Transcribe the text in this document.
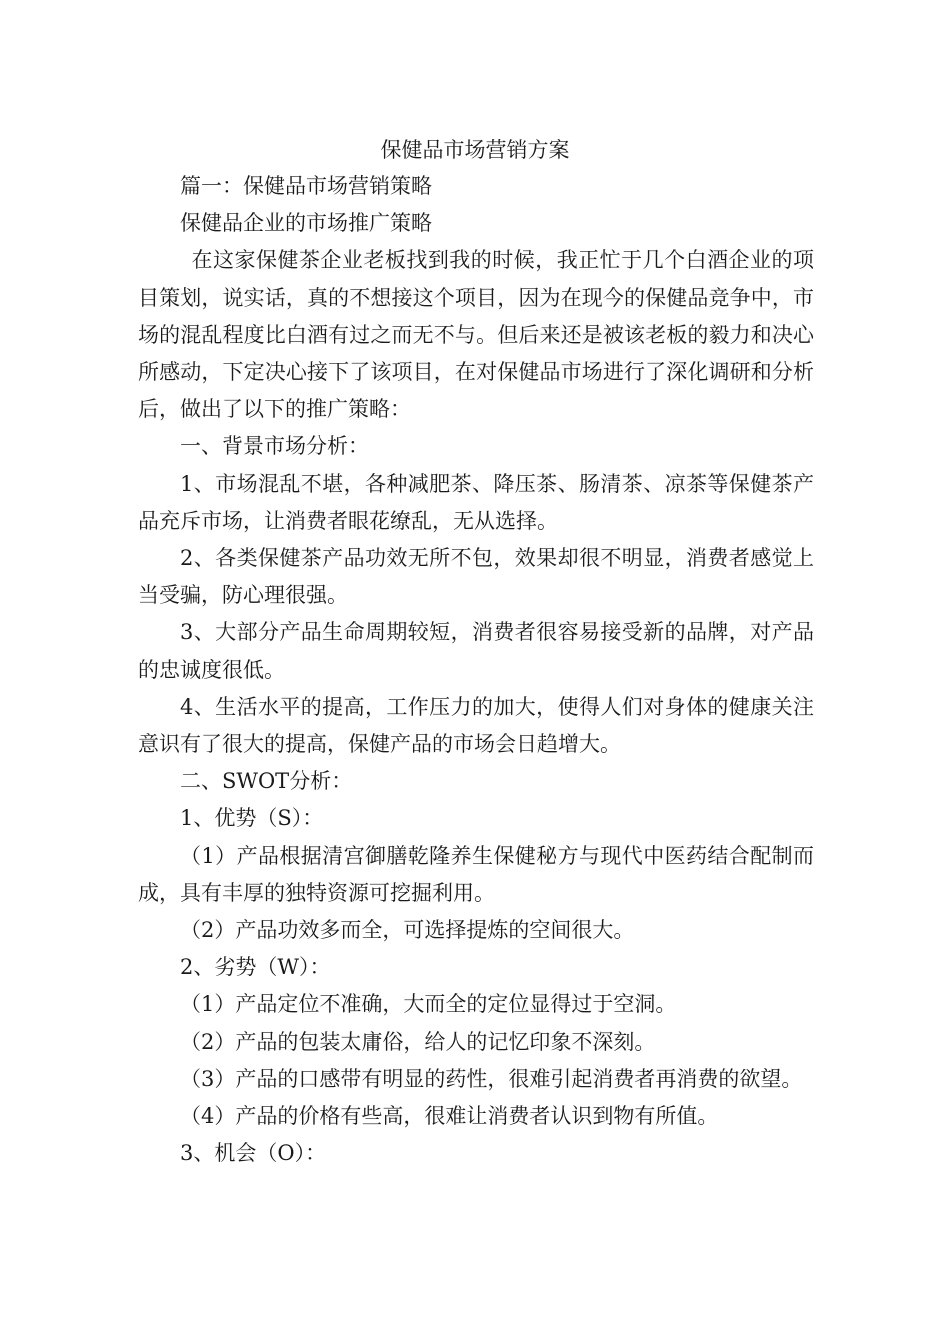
保健品市场营销方案

篇一：保健品市场营销策略

保健品企业的市场推广策略

在这家保健茶企业老板找到我的时候，我正忙于几个白酒企业的项目策划，说实话，真的不想接这个项目，因为在现今的保健品竞争中，市场的混乱程度比白酒有过之而无不与。但后来还是被该老板的毅力和决心所感动，下定决心接下了该项目，在对保健品市场进行了深化调研和分析后，做出了以下的推广策略：

一、背景市场分析：

1、市场混乱不堪，各种减肥茶、降压茶、肠清茶、凉茶等保健茶产品充斥市场，让消费者眼花缭乱，无从选择。

2、各类保健茶产品功效无所不包，效果却很不明显，消费者感觉上当受骗，防心理很强。

3、大部分产品生命周期较短，消费者很容易接受新的品牌，对产品的忠诚度很低。

4、生活水平的提高，工作压力的加大，使得人们对身体的健康关注意识有了很大的提高，保健产品的市场会日趋增大。

二、SWOT分析：

1、优势（S）：

（1）产品根据清宫御膳乾隆养生保健秘方与现代中医药结合配制而成，具有丰厚的独特资源可挖掘利用。

（2）产品功效多而全，可选择提炼的空间很大。

2、劣势（W）：

（1）产品定位不准确，大而全的定位显得过于空洞。

（2）产品的包装太庸俗，给人的记忆印象不深刻。

（3）产品的口感带有明显的药性，很难引起消费者再消费的欲望。

（4）产品的价格有些高，很难让消费者认识到物有所值。

3、机会（O）：
